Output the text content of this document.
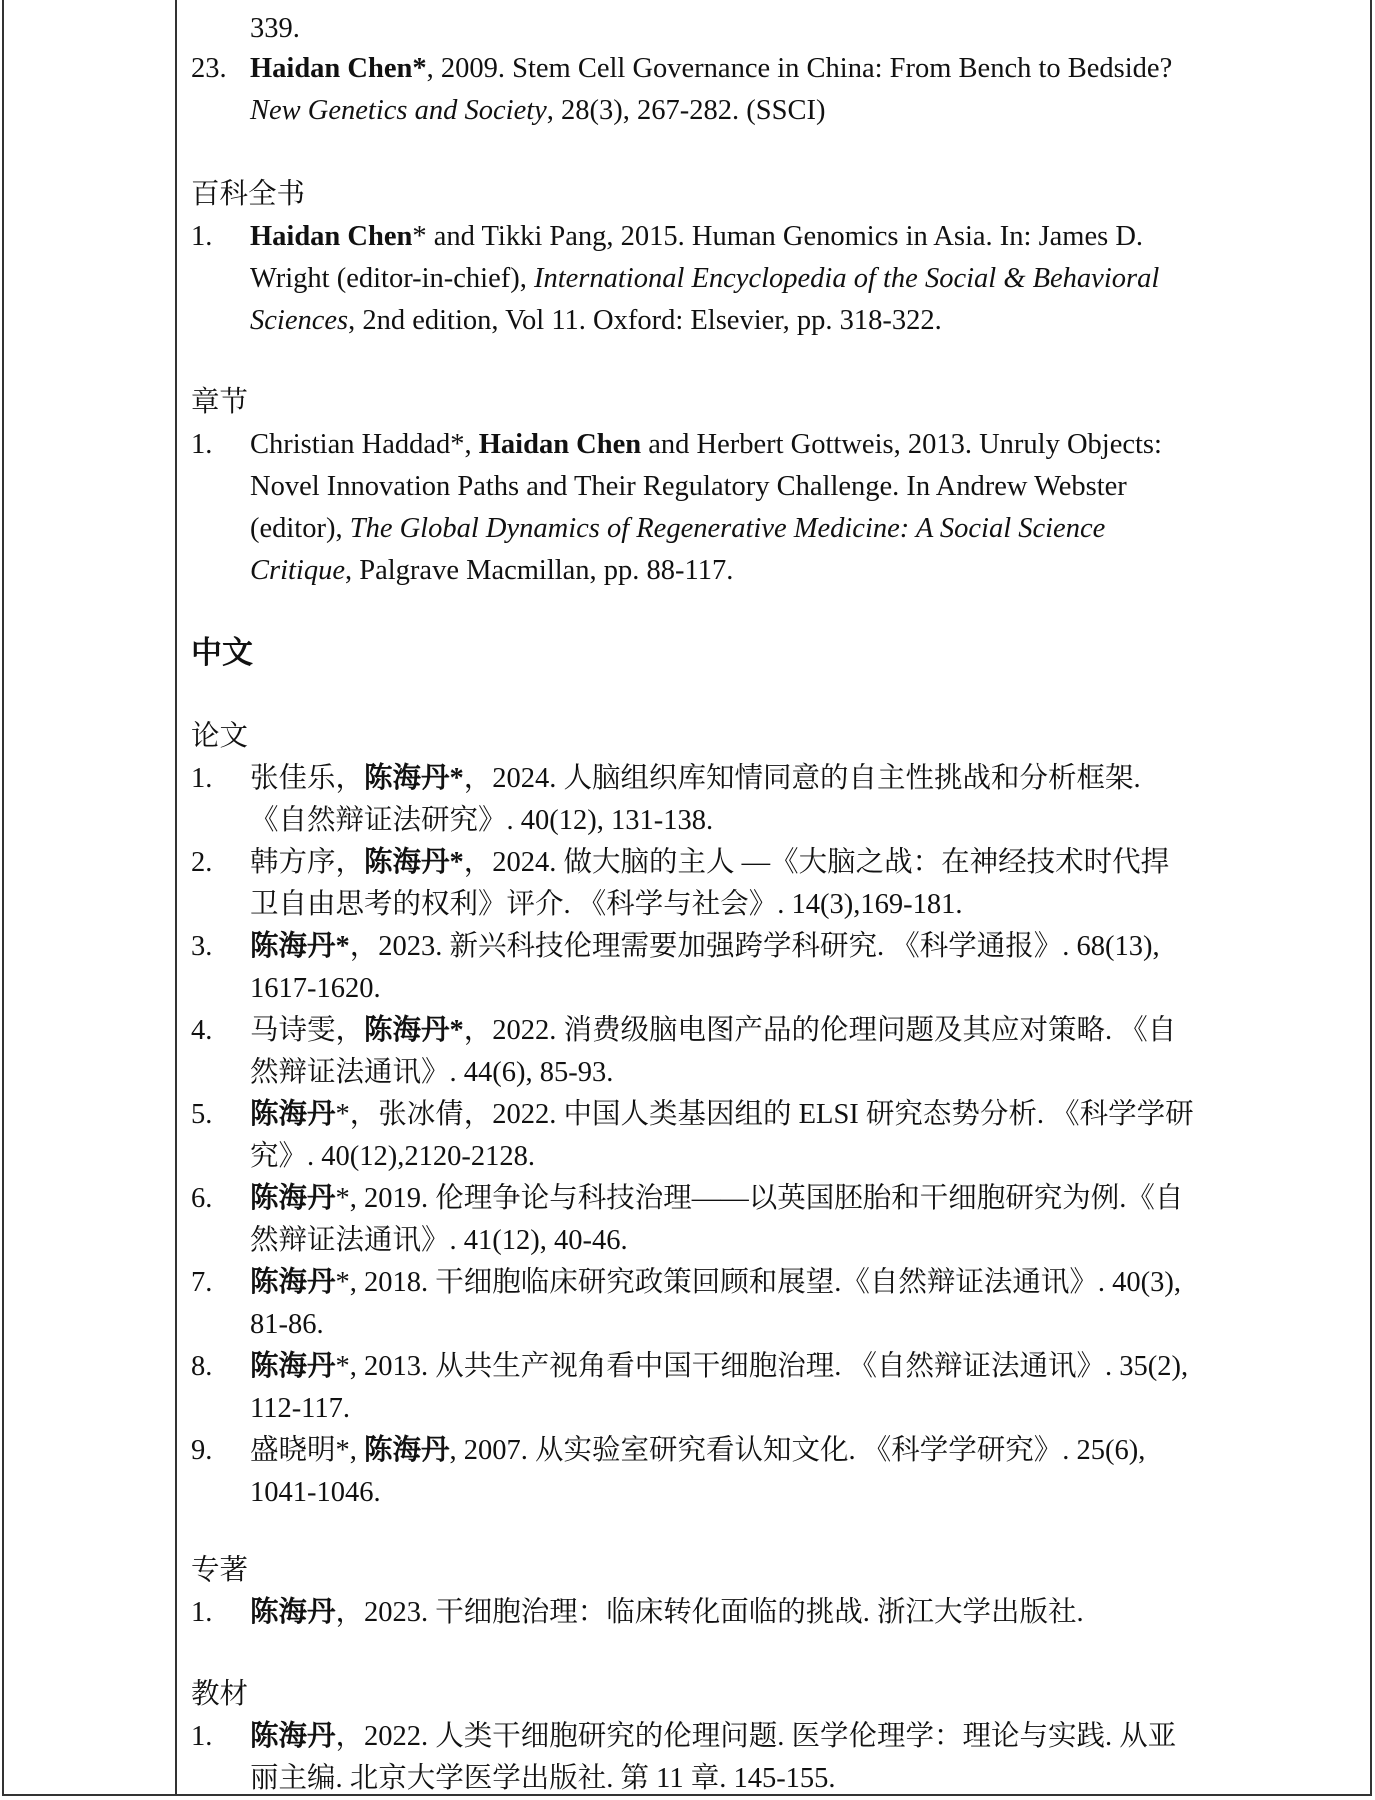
339.
23. Haidan Chen*, 2009. Stem Cell Governance in China: From Bench to Bedside?
New Genetics and Society, 28(3), 267-282. (SSCI)
百科全书
1. Haidan Chen* and Tikki Pang, 2015. Human Genomics in Asia. In: James D.
Wright (editor-in-chief), International Encyclopedia of the Social & Behavioral
Sciences, 2nd edition, Vol 11. Oxford: Elsevier, pp. 318-322.
章节
1. Christian Haddad*, Haidan Chen and Herbert Gottweis, 2013. Unruly Objects:
Novel Innovation Paths and Their Regulatory Challenge. In Andrew Webster
(editor), The Global Dynamics of Regenerative Medicine: A Social Science
Critique, Palgrave Macmillan, pp. 88-117.
中文
论文
1. 张佳乐，陈海丹*，2024. 人脑组织库知情同意的自主性挑战和分析框架.
《自然辩证法研究》. 40(12), 131-138.
2. 韩方序，陈海丹*，2024. 做大脑的主人 —《大脑之战：在神经技术时代捍
卫自由思考的权利》评介. 《科学与社会》. 14(3),169-181.
3. 陈海丹*，2023. 新兴科技伦理需要加强跨学科研究. 《科学通报》. 68(13),
1617-1620.
4. 马诗雯，陈海丹*，2022. 消费级脑电图产品的伦理问题及其应对策略. 《自
然辩证法通讯》. 44(6), 85-93.
5. 陈海丹*，张冰倩，2022. 中国人类基因组的 ELSI 研究态势分析. 《科学学研
究》. 40(12),2120-2128.
6. 陈海丹*, 2019. 伦理争论与科技治理——以英国胚胎和干细胞研究为例.《自
然辩证法通讯》. 41(12), 40-46.
7. 陈海丹*, 2018. 干细胞临床研究政策回顾和展望.《自然辩证法通讯》. 40(3),
81-86.
8. 陈海丹*, 2013. 从共生产视角看中国干细胞治理. 《自然辩证法通讯》. 35(2),
112-117.
9. 盛晓明*, 陈海丹, 2007. 从实验室研究看认知文化. 《科学学研究》. 25(6),
1041-1046.
专著
1. 陈海丹，2023. 干细胞治理：临床转化面临的挑战. 浙江大学出版社.
教材
1. 陈海丹，2022. 人类干细胞研究的伦理问题. 医学伦理学：理论与实践. 从亚
丽主编. 北京大学医学出版社. 第 11 章. 145-155.
